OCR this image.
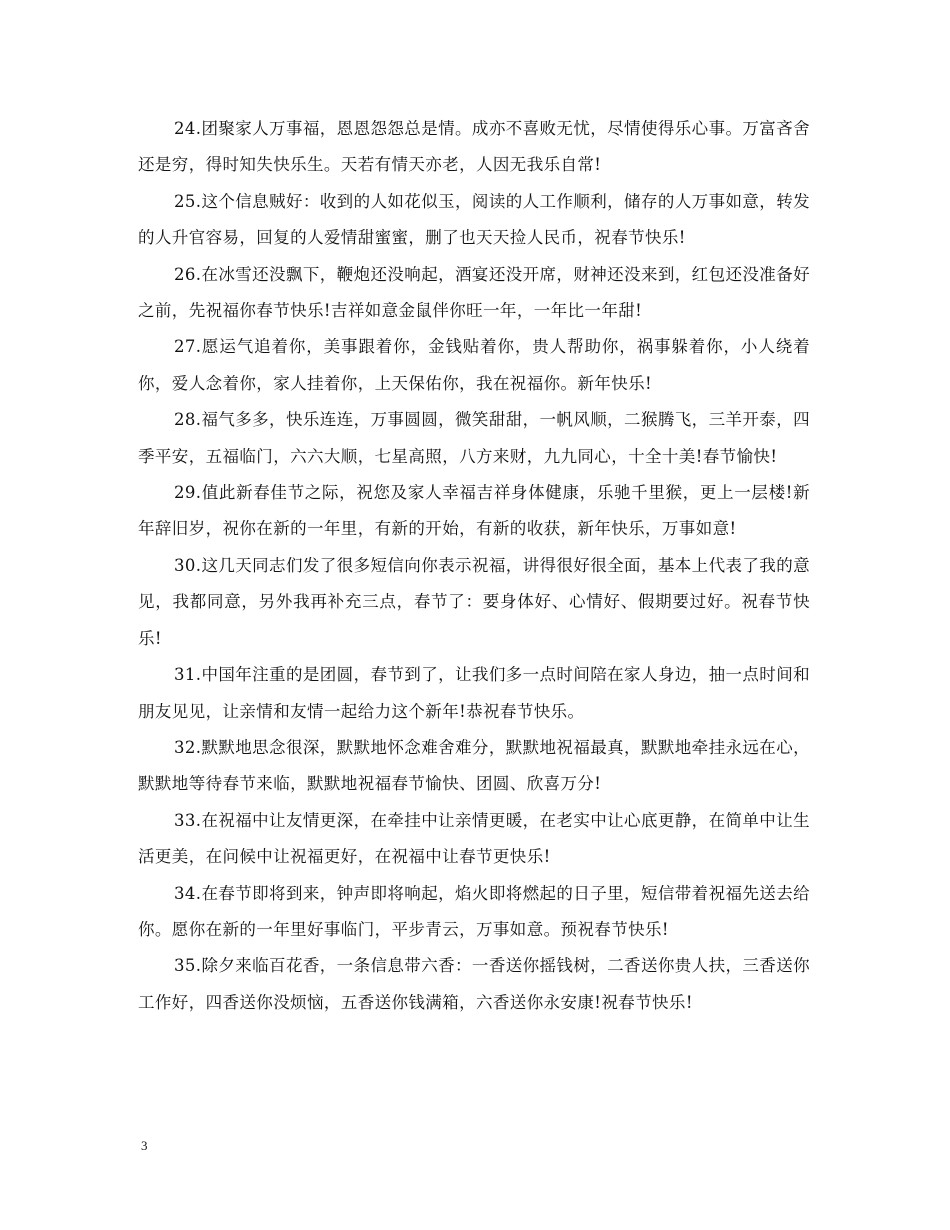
24.团聚家人万事福，恩恩怨怨总是情。成亦不喜败无忧，尽情使得乐心事。万富吝舍还是穷，得时知失快乐生。天若有情天亦老，人因无我乐自常!

25.这个信息贼好：收到的人如花似玉，阅读的人工作顺利，储存的人万事如意，转发的人升官容易，回复的人爱情甜蜜蜜，删了也天天捡人民币，祝春节快乐!

26.在冰雪还没飘下，鞭炮还没响起，酒宴还没开席，财神还没来到，红包还没准备好之前，先祝福你春节快乐!吉祥如意金鼠伴你旺一年，一年比一年甜!

27.愿运气追着你，美事跟着你，金钱贴着你，贵人帮助你，祸事躲着你，小人绕着你，爱人念着你，家人挂着你，上天保佑你，我在祝福你。新年快乐!

28.福气多多，快乐连连，万事圆圆，微笑甜甜，一帆风顺，二猴腾飞，三羊开泰，四季平安，五福临门，六六大顺，七星高照，八方来财，九九同心，十全十美!春节愉快!

29.值此新春佳节之际，祝您及家人幸福吉祥身体健康，乐驰千里猴，更上一层楼!新年辞旧岁，祝你在新的一年里，有新的开始，有新的收获，新年快乐，万事如意!

30.这几天同志们发了很多短信向你表示祝福，讲得很好很全面，基本上代表了我的意见，我都同意，另外我再补充三点，春节了：要身体好、心情好、假期要过好。祝春节快乐!

31.中国年注重的是团圆，春节到了，让我们多一点时间陪在家人身边，抽一点时间和朋友见见，让亲情和友情一起给力这个新年!恭祝春节快乐。

32.默默地思念很深，默默地怀念难舍难分，默默地祝福最真，默默地牵挂永远在心，默默地等待春节来临，默默地祝福春节愉快、团圆、欣喜万分!

33.在祝福中让友情更深，在牵挂中让亲情更暖，在老实中让心底更静，在简单中让生活更美，在问候中让祝福更好，在祝福中让春节更快乐!

34.在春节即将到来，钟声即将响起，焰火即将燃起的日子里，短信带着祝福先送去给你。愿你在新的一年里好事临门，平步青云，万事如意。预祝春节快乐!

35.除夕来临百花香，一条信息带六香：一香送你摇钱树，二香送你贵人扶，三香送你工作好，四香送你没烦恼，五香送你钱满箱，六香送你永安康!祝春节快乐!

3
